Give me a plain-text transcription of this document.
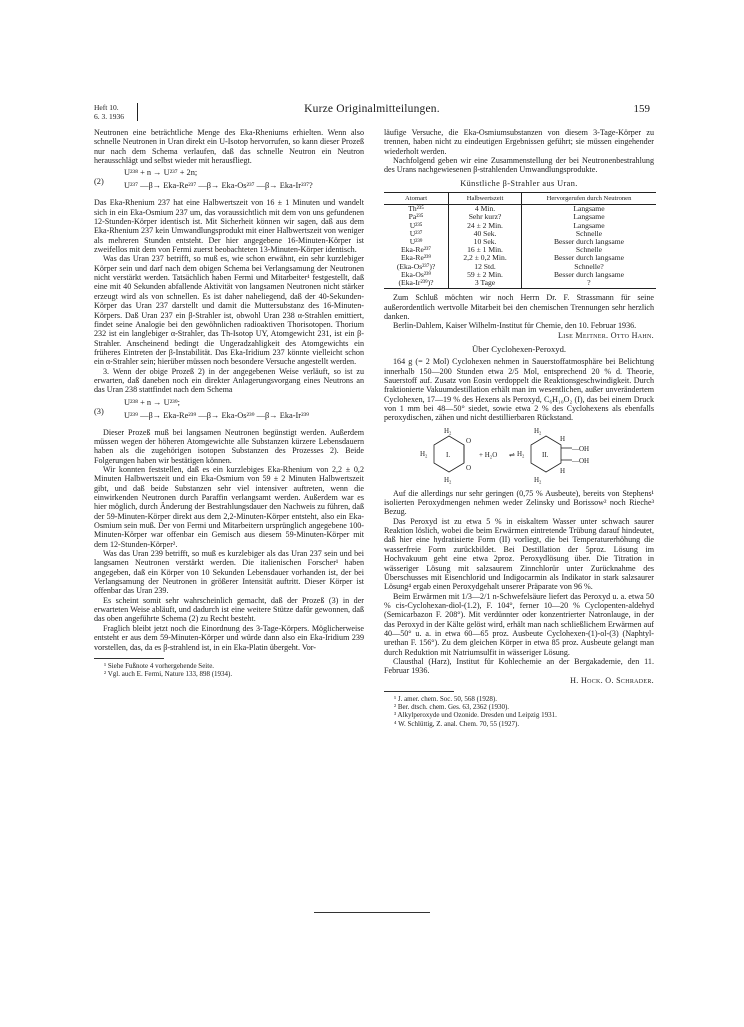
Heft 10.
6. 3. 1936
Kurze Originalmitteilungen.	159

Neutronen eine beträchtliche Menge des Eka-Rheniums erhielten. Wenn also schnelle Neutronen in Uran direkt ein U-Isotop hervorrufen, so kann dieser Prozeß nur nach dem Schema verlaufen, daß das schnelle Neutron ein Neutron herausschlägt und selbst wieder mit herausfliegt.

(2)
U²³⁸ + n → U²³⁷ + 2n;
U²³⁷ —β→ Eka-Re²³⁷ —β→ Eka-Os²³⁷ —β→ Eka-Ir²³⁷?

Das Eka-Rhenium 237 hat eine Halbwertszeit von 16 ± 1 Minuten und wandelt sich in ein Eka-Osmium 237 um, das voraussichtlich mit dem von uns gefundenen 12-Stunden-Körper identisch ist. Mit Sicherheit können wir sagen, daß aus dem Eka-Rhenium 237 kein Umwandlungsprodukt mit einer Halbwertszeit von weniger als mehreren Stunden entsteht. Der hier angegebene 16-Minuten-Körper ist zweifellos mit dem von Fermi zuerst beobachteten 13-Minuten-Körper identisch.

Was das Uran 237 betrifft, so muß es, wie schon erwähnt, ein sehr kurzlebiger Körper sein und darf nach dem obigen Schema bei Verlangsamung der Neutronen nicht verstärkt werden. Tatsächlich haben Fermi und Mitarbeiter¹ festgestellt, daß eine mit 40 Sekunden abfallende Aktivität von langsamen Neutronen nicht stärker erzeugt wird als von schnellen. Es ist daher naheliegend, daß der 40-Sekunden-Körper das Uran 237 darstellt und damit die Muttersubstanz des 16-Minuten-Körpers. Daß Uran 237 ein β-Strahler ist, obwohl Uran 238 α-Strahlen emittiert, findet seine Analogie bei den gewöhnlichen radioaktiven Thorisotopen. Thorium 232 ist ein langlebiger α-Strahler, das Th-Isotop UY, Atomgewicht 231, ist ein β-Strahler. Anscheinend bedingt die Ungeradzahligkeit des Atomgewichts ein früheres Eintreten der β-Instabilität. Das Eka-Iridium 237 könnte vielleicht schon ein α-Strahler sein; hierüber müssen noch besondere Versuche angestellt werden.

3. Wenn der obige Prozeß 2) in der angegebenen Weise verläuft, so ist zu erwarten, daß daneben noch ein direkter Anlagerungsvorgang eines Neutrons an das Uran 238 stattfindet nach dem Schema

(3)
U²³⁸ + n → U²³⁹;
U²³⁹ —β→ Eka-Re²³⁹ —β→ Eka-Os²³⁹ —β→ Eka-Ir²³⁹

Dieser Prozeß muß bei langsamen Neutronen begünstigt werden. Außerdem müssen wegen der höheren Atomgewichte alle Substanzen kürzere Lebensdauern haben als die zugehörigen isotopen Substanzen des Prozesses 2). Beide Folgerungen haben wir bestätigen können.

Wir konnten feststellen, daß es ein kurzlebiges Eka-Rhenium von 2,2 ± 0,2 Minuten Halbwertszeit und ein Eka-Osmium von 59 ± 2 Minuten Halbwertszeit gibt, und daß beide Substanzen sehr viel intensiver auftreten, wenn die einwirkenden Neutronen durch Paraffin verlangsamt werden. Außerdem war es hier möglich, durch Änderung der Bestrahlungsdauer den Nachweis zu führen, daß der 59-Minuten-Körper direkt aus dem 2,2-Minuten-Körper entsteht, also ein Eka-Osmium sein muß. Der von Fermi und Mitarbeitern ursprünglich angegebene 100-Minuten-Körper war offenbar ein Gemisch aus diesem 59-Minuten-Körper mit dem 12-Stunden-Körper².

Was das Uran 239 betrifft, so muß es kurzlebiger als das Uran 237 sein und bei langsamen Neutronen verstärkt werden. Die italienischen Forscher¹ haben angegeben, daß ein Körper von 10 Sekunden Lebensdauer vorhanden ist, der bei Verlangsamung der Neutronen in größerer Intensität auftritt. Dieser Körper ist offenbar das Uran 239.

Es scheint somit sehr wahrscheinlich gemacht, daß der Prozeß (3) in der erwarteten Weise abläuft, und dadurch ist eine weitere Stütze dafür gewonnen, daß das oben angeführte Schema (2) zu Recht besteht.

Fraglich bleibt jetzt noch die Einordnung des 3-Tage-Körpers. Möglicherweise entsteht er aus dem 59-Minuten-Körper und würde dann also ein Eka-Iridium 239 vorstellen, das, da es β-strahlend ist, in ein Eka-Platin übergeht. Vor-

¹ Siehe Fußnote 4 vorhergehende Seite.
² Vgl. auch E. Fermi, Nature 133, 898 (1934).

läufige Versuche, die Eka-Osmiumsubstanzen von diesem 3-Tage-Körper zu trennen, haben nicht zu eindeutigen Ergebnissen geführt; sie müssen eingehender wiederholt werden.

Nachfolgend geben wir eine Zusammenstellung der bei Neutronenbestrahlung des Urans nachgewiesenen β-strahlenden Umwandlungsprodukte.

Künstliche β-Strahler aus Uran.
Atomart	Halbwertszeit	Hervorgerufen durch Neutronen
Th²³⁵	4 Min.	Langsame
Pa²³⁵	Sehr kurz?	Langsame
U²³⁵	24 ± 2 Min.	Langsame
U²³⁷	40 Sek.	Schnelle
U²³⁹	10 Sek.	Besser durch langsame
Eka-Re²³⁷	16 ± 1 Min.	Schnelle
Eka-Re²³⁹	2,2 ± 0,2 Min.	Besser durch langsame
(Eka-Os²³⁷)?	12 Std.	Schnelle?
Eka-Os²³⁹	59 ± 2 Min.	Besser durch langsame
(Eka-Ir²³⁹)?	3 Tage	?

Zum Schluß möchten wir noch Herrn Dr. F. Strassmann für seine außerordentlich wertvolle Mitarbeit bei den chemischen Trennungen sehr herzlich danken.

Berlin-Dahlem, Kaiser Wilhelm-Institut für Chemie, den 10. Februar 1936.

Lise Meitner. Otto Hahn.
Über Cyclohexen-Peroxyd.

164 g (= 2 Mol) Cyclohexen nehmen in Sauerstoffatmosphäre bei Belichtung innerhalb 150—200 Stunden etwa 2/5 Mol, entsprechend 20 % d. Theorie, Sauerstoff auf. Zusatz von Eosin verdoppelt die Reaktionsgeschwindigkeit. Durch fraktionierte Vakuumdestillation erhält man im wesentlichen, außer unverändertem Cyclohexen, 17—19 % des Hexens als Peroxyd, C₆H₁₀O₂ (I), das bei einem Druck von 1 mm bei 48—50° siedet, sowie etwa 2 % des Cyclohexens als ebenfalls peroxydischen, zähen und nicht destillierbaren Rückstand.

H₂
H₂
H₂
O
O
I.	+ H₂O ⇌
H₂
H₂
H₂
H
H
—OH
—OH
II.

Auf die allerdings nur sehr geringen (0,75 % Ausbeute), bereits von Stephens¹ isolierten Peroxydmengen nehmen weder Zelinsky und Borissow² noch Rieche³ Bezug.

Das Peroxyd ist zu etwa 5 % in eiskaltem Wasser unter schwach saurer Reaktion löslich, wobei die beim Erwärmen eintretende Trübung darauf hindeutet, daß hier eine hydratisierte Form (II) vorliegt, die bei Temperaturerhöhung die wasserfreie Form zurückbildet. Bei Destillation der 5proz. Lösung im Hochvakuum geht eine etwa 2proz. Peroxydlösung über. Die Titration in wässeriger Lösung mit salzsaurem Zinnchlorür unter Zurücknahme des Überschusses mit Eisenchlorid und Indigocarmin als Indikator in stark salzsaurer Lösung⁴ ergab einen Peroxydgehalt unserer Präparate von 96 %.

Beim Erwärmen mit 1/3—2/1 n-Schwefelsäure liefert das Peroxyd u. a. etwa 50 % cis-Cyclohexan-diol-(1.2), F. 104°, ferner 10—20 % Cyclopenten-aldehyd (Semicarbazon F. 208°). Mit verdünnter oder konzentrierter Natronlauge, in der das Peroxyd in der Kälte gelöst wird, erhält man nach schließlichem Erwärmen auf 40—50° u. a. in etwa 60—65 proz. Ausbeute Cyclohexen-(1)-ol-(3) (Naphtyl-urethan F. 156°). Zu dem gleichen Körper in etwa 85 proz. Ausbeute gelangt man durch Reduktion mit Natriumsulfit in wässeriger Lösung.

Clausthal (Harz), Institut für Kohlechemie an der Bergakademie, den 11. Februar 1936.

H. Hock. O. Schrader.
¹ J. amer. chem. Soc. 50, 568 (1928).
² Ber. dtsch. chem. Ges. 63, 2362 (1930).
³ Alkylperoxyde und Ozonide. Dresden und Leipzig 1931.
⁴ W. Schlüttig, Z. anal. Chem. 70, 55 (1927).
